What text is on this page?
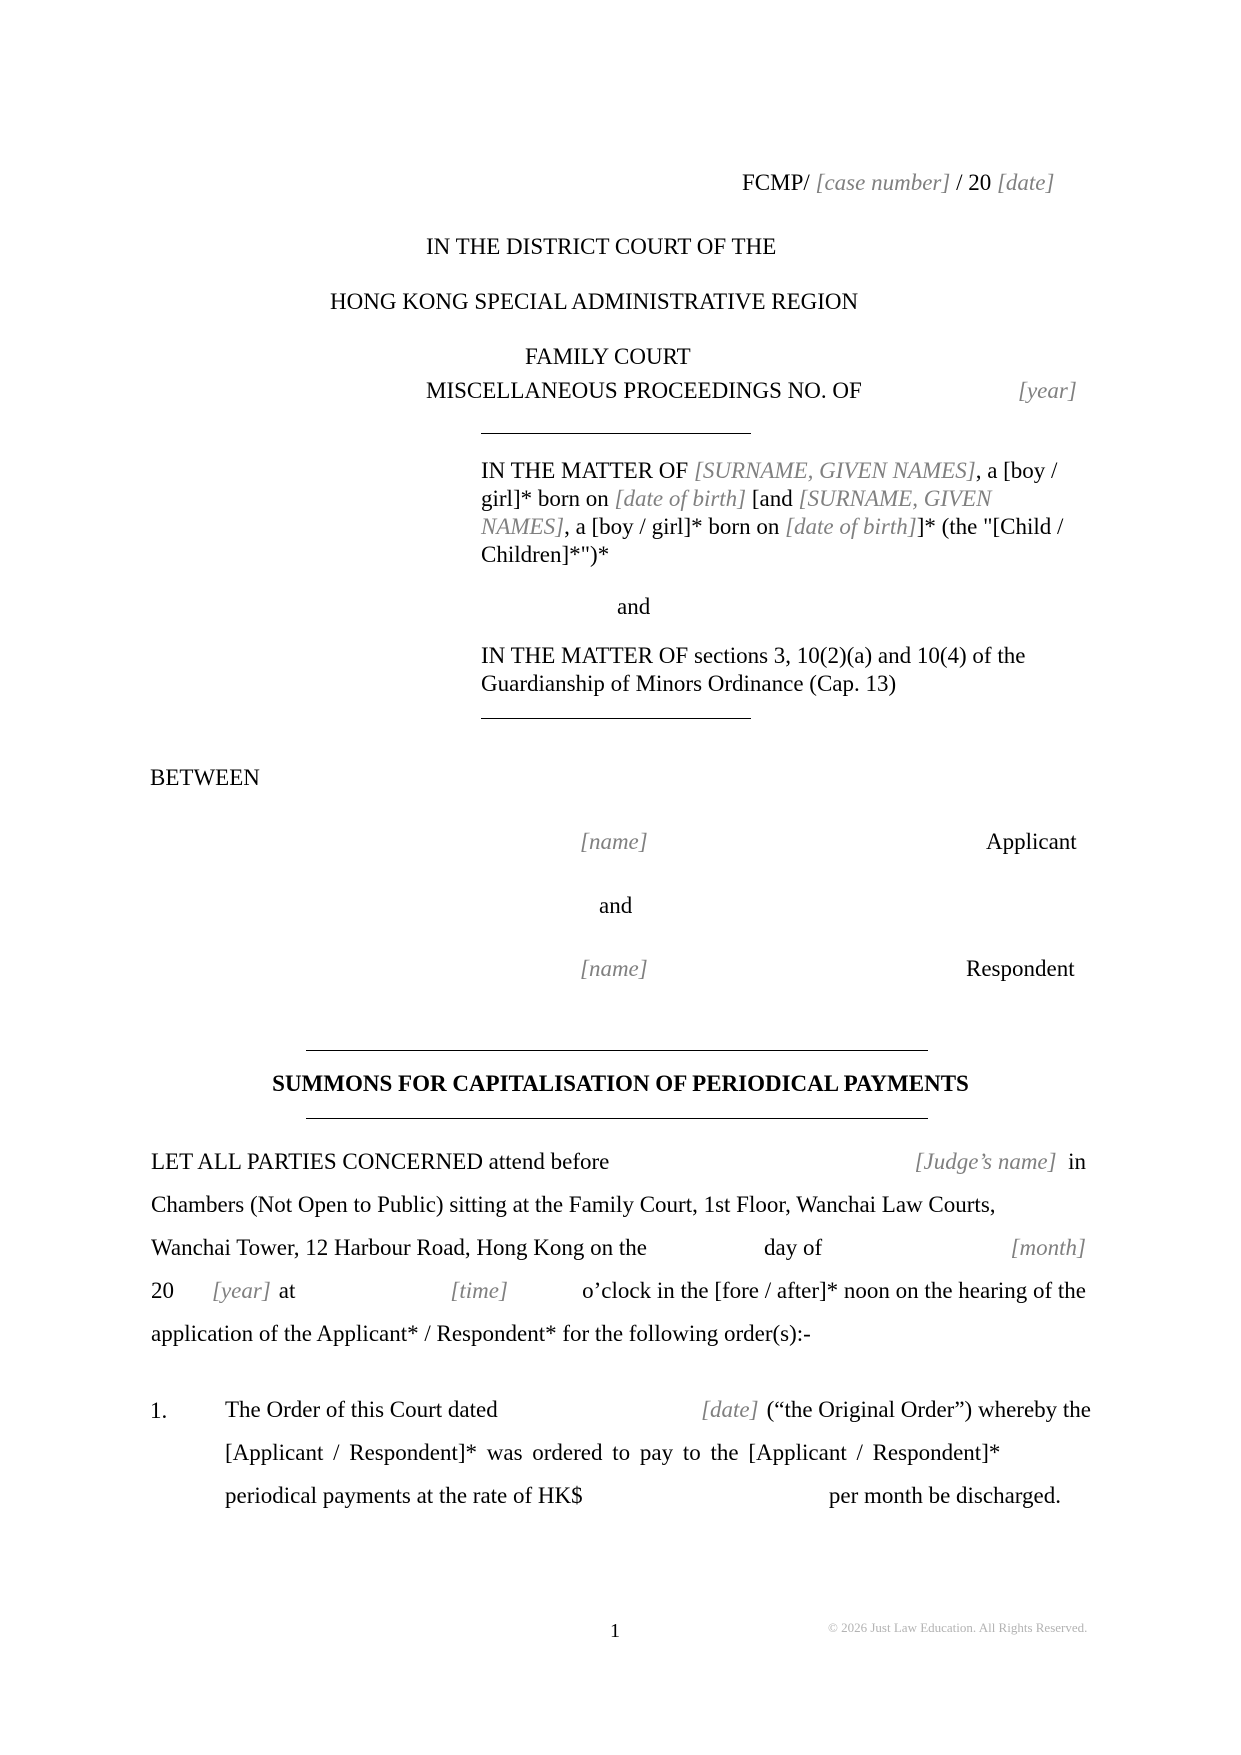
FCMP/ [case number] / 20 [date]
IN THE DISTRICT COURT OF THE
HONG KONG SPECIAL ADMINISTRATIVE REGION
FAMILY COURT
MISCELLANEOUS PROCEEDINGS NO. OF	[year]
IN THE MATTER OF [SURNAME, GIVEN NAMES], a [boy / girl]* born on [date of birth] [and [SURNAME, GIVEN NAMES], a [boy / girl]* born on [date of birth]]* (the "[Child / Children]*")*
and
IN THE MATTER OF sections 3, 10(2)(a) and 10(4) of the Guardianship of Minors Ordinance (Cap. 13)
BETWEEN
[name]	Applicant
and
[name]	Respondent
SUMMONS FOR CAPITALISATION OF PERIODICAL PAYMENTS
LET ALL PARTIES CONCERNED attend before	[Judge’s name] in
Chambers (Not Open to Public) sitting at the Family Court, 1st Floor, Wanchai Law Courts,
Wanchai Tower, 12 Harbour Road, Hong Kong on the	day of	[month]
20 [year] at	[time]	o’clock in the [fore / after]* noon on the hearing of the
application of the Applicant* / Respondent* for the following order(s):-
1.	The Order of this Court dated	[date] (“the Original Order”) whereby the
[Applicant / Respondent]* was ordered to pay to the [Applicant / Respondent]*
periodical payments at the rate of HK$	per month be discharged.
1	© 2026 Just Law Education. All Rights Reserved.
